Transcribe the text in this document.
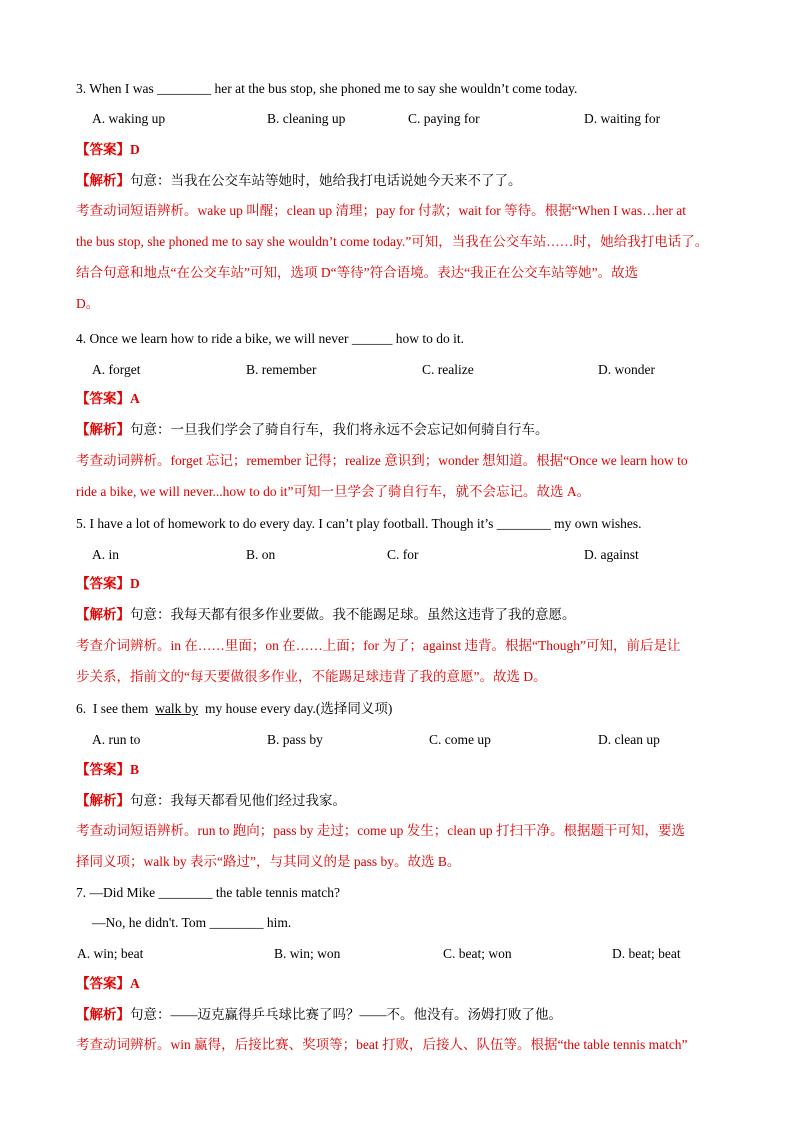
3. When I was ________ her at the bus stop, she phoned me to say she wouldn’t come today.
A. waking up	B. cleaning up	C. paying for	D. waiting for
【答案】D
【解析】句意：当我在公交车站等她时，她给我打电话说她今天来不了了。
考查动词短语辨析。wake up 叫醒；clean up 清理；pay for 付款；wait for 等待。根据“When I was…her at
the bus stop, she phoned me to say she wouldn’t come today.”可知，当我在公交车站……时，她给我打电话了。
结合句意和地点“在公交车站”可知，选项 D“等待”符合语境。表达“我正在公交车站等她”。故选
D。
4. Once we learn how to ride a bike, we will never ______ how to do it.
A. forget	B. remember	C. realize	D. wonder
【答案】A
【解析】句意：一旦我们学会了骑自行车，我们将永远不会忘记如何骑自行车。
考查动词辨析。forget 忘记；remember 记得；realize 意识到；wonder 想知道。根据“Once we learn how to
ride a bike, we will never...how to do it”可知一旦学会了骑自行车，就不会忘记。故选 A。
5. I have a lot of homework to do every day. I can’t play football. Though it’s ________ my own wishes.
A. in	B. on	C. for	D. against
【答案】D
【解析】句意：我每天都有很多作业要做。我不能踢足球。虽然这违背了我的意愿。
考查介词辨析。in 在……里面；on 在……上面；for 为了；against 违背。根据“Though”可知，前后是让
步关系，指前文的“每天要做很多作业，不能踢足球违背了我的意愿”。故选 D。
6.  I see them  walk by  my house every day.(选择同义项)
A. run to	B. pass by	C. come up	D. clean up
【答案】B
【解析】句意：我每天都看见他们经过我家。
考查动词短语辨析。run to 跑向；pass by 走过；come up 发生；clean up 打扫干净。根据题干可知，要选
择同义项；walk by 表示“路过”，与其同义的是 pass by。故选 B。
7. —Did Mike ________ the table tennis match?
—No, he didn't. Tom ________ him.
A. win; beat	B. win; won	C. beat; won	D. beat; beat
【答案】A
【解析】句意：——迈克赢得乒乓球比赛了吗？——不。他没有。汤姆打败了他。
考查动词辨析。win 赢得，后接比赛、奖项等；beat 打败，后接人、队伍等。根据“the table tennis match”
